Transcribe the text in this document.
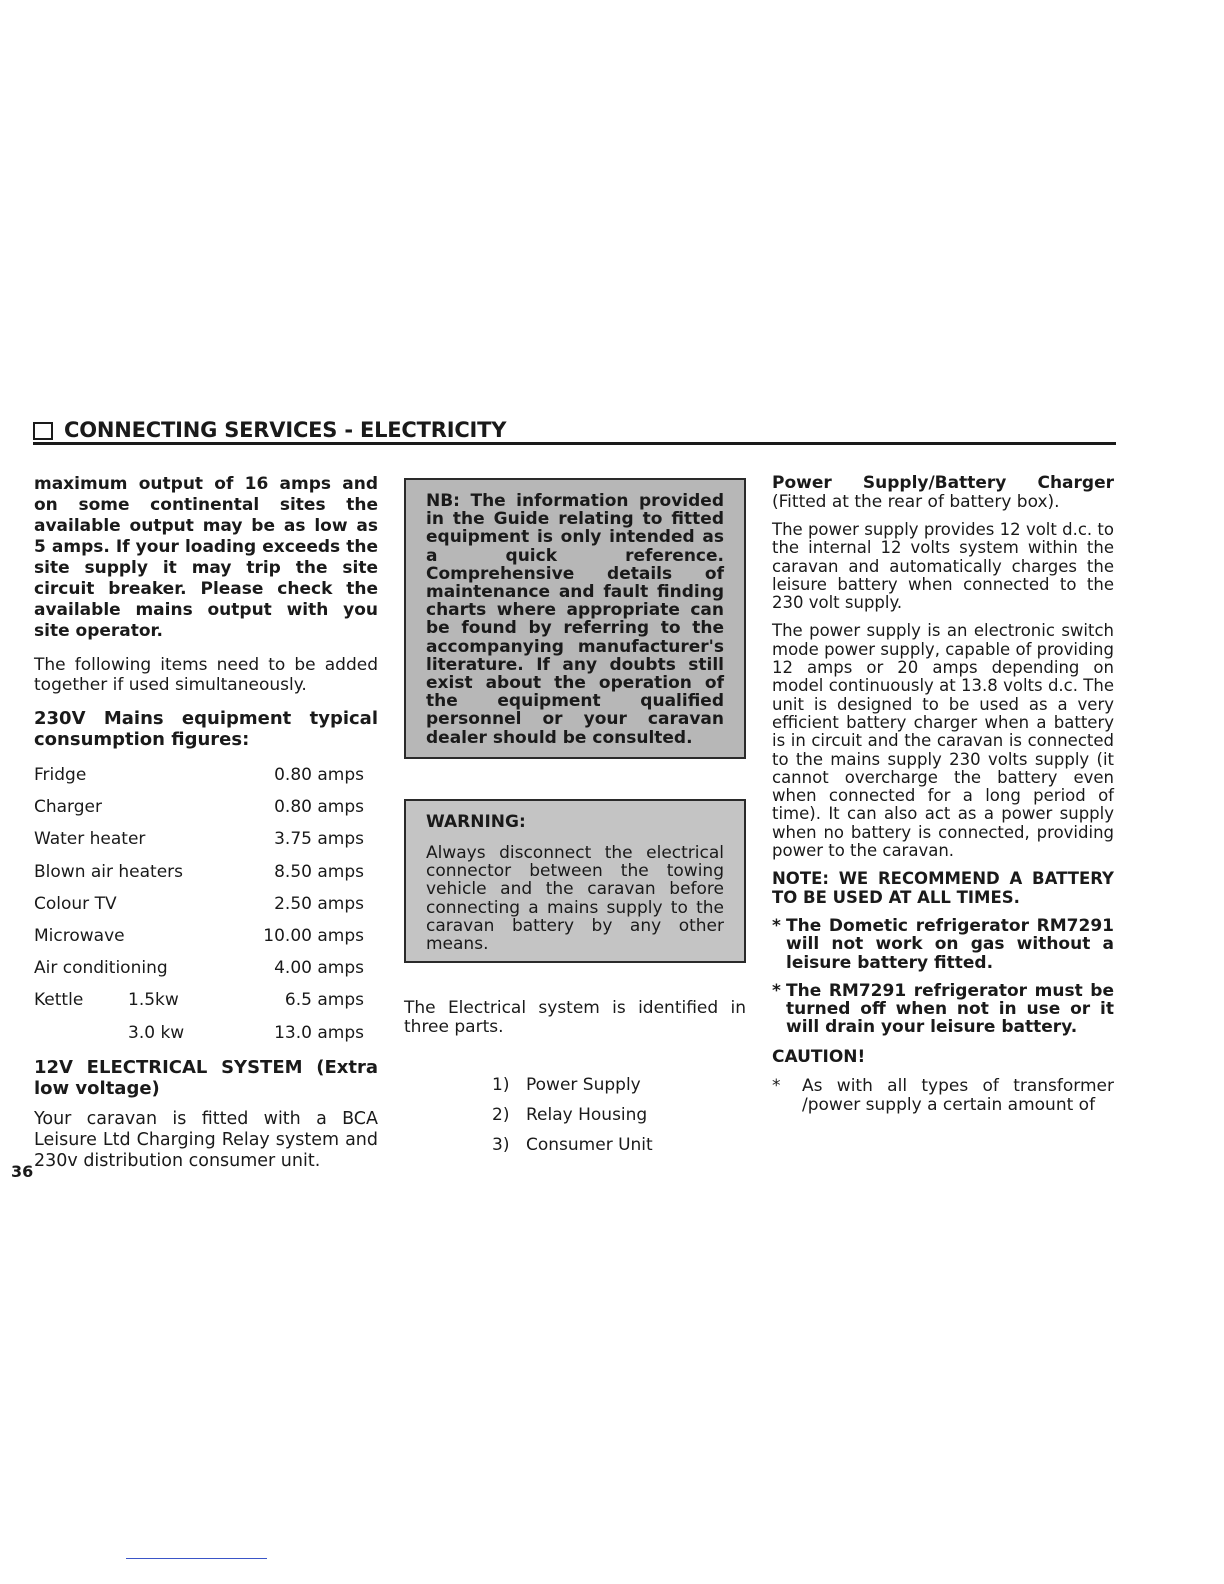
CONNECTING SERVICES - ELECTRICITY

maximum output of 16 amps and on some continental sites the available output may be as low as 5 amps. If your loading exceeds the site supply it may trip the site circuit breaker. Please check the available mains output with you site operator.

The following items need to be added together if used simultaneously.

230V Mains equipment typical consumption figures:

Fridge	0.80 amps
Charger	0.80 amps
Water heater	3.75 amps
Blown air heaters	8.50 amps
Colour TV	2.50 amps
Microwave	10.00 amps
Air conditioning	4.00 amps
Kettle	1.5kw	6.5 amps
3.0 kw	13.0 amps

12V ELECTRICAL SYSTEM (Extra low voltage)

Your caravan is fitted with a BCA Leisure Ltd Charging Relay system and 230v distribution consumer unit.

NB: The information provided in the Guide relating to fitted equipment is only intended as a quick reference. Comprehensive details of maintenance and fault finding charts where appropriate can be found by referring to the accompanying manufacturer's literature. If any doubts still exist about the operation of the equipment qualified personnel or your caravan dealer should be consulted.

WARNING:

Always disconnect the electrical connector between the towing vehicle and the caravan before connecting a mains supply to the caravan battery by any other means.

The Electrical system is identified in three parts.

1) Power Supply
2) Relay Housing
3) Consumer Unit

Power Supply/Battery Charger (Fitted at the rear of battery box).

The power supply provides 12 volt d.c. to the internal 12 volts system within the caravan and automatically charges the leisure battery when connected to the 230 volt supply.

The power supply is an electronic switch mode power supply, capable of providing 12 amps or 20 amps depending on model continuously at 13.8 volts d.c. The unit is designed to be used as a very efficient battery charger when a battery is in circuit and the caravan is connected to the mains supply 230 volts supply (it cannot overcharge the battery even when connected for a long period of time). It can also act as a power supply when no battery is connected, providing power to the caravan.

NOTE: WE RECOMMEND A BATTERY TO BE USED AT ALL TIMES.

* The Dometic refrigerator RM7291 will not work on gas without a leisure battery fitted.
* The RM7291 refrigerator must be turned off when not in use or it will drain your leisure battery.

CAUTION!

*	As with all types of transformer /power supply a certain amount of
36
